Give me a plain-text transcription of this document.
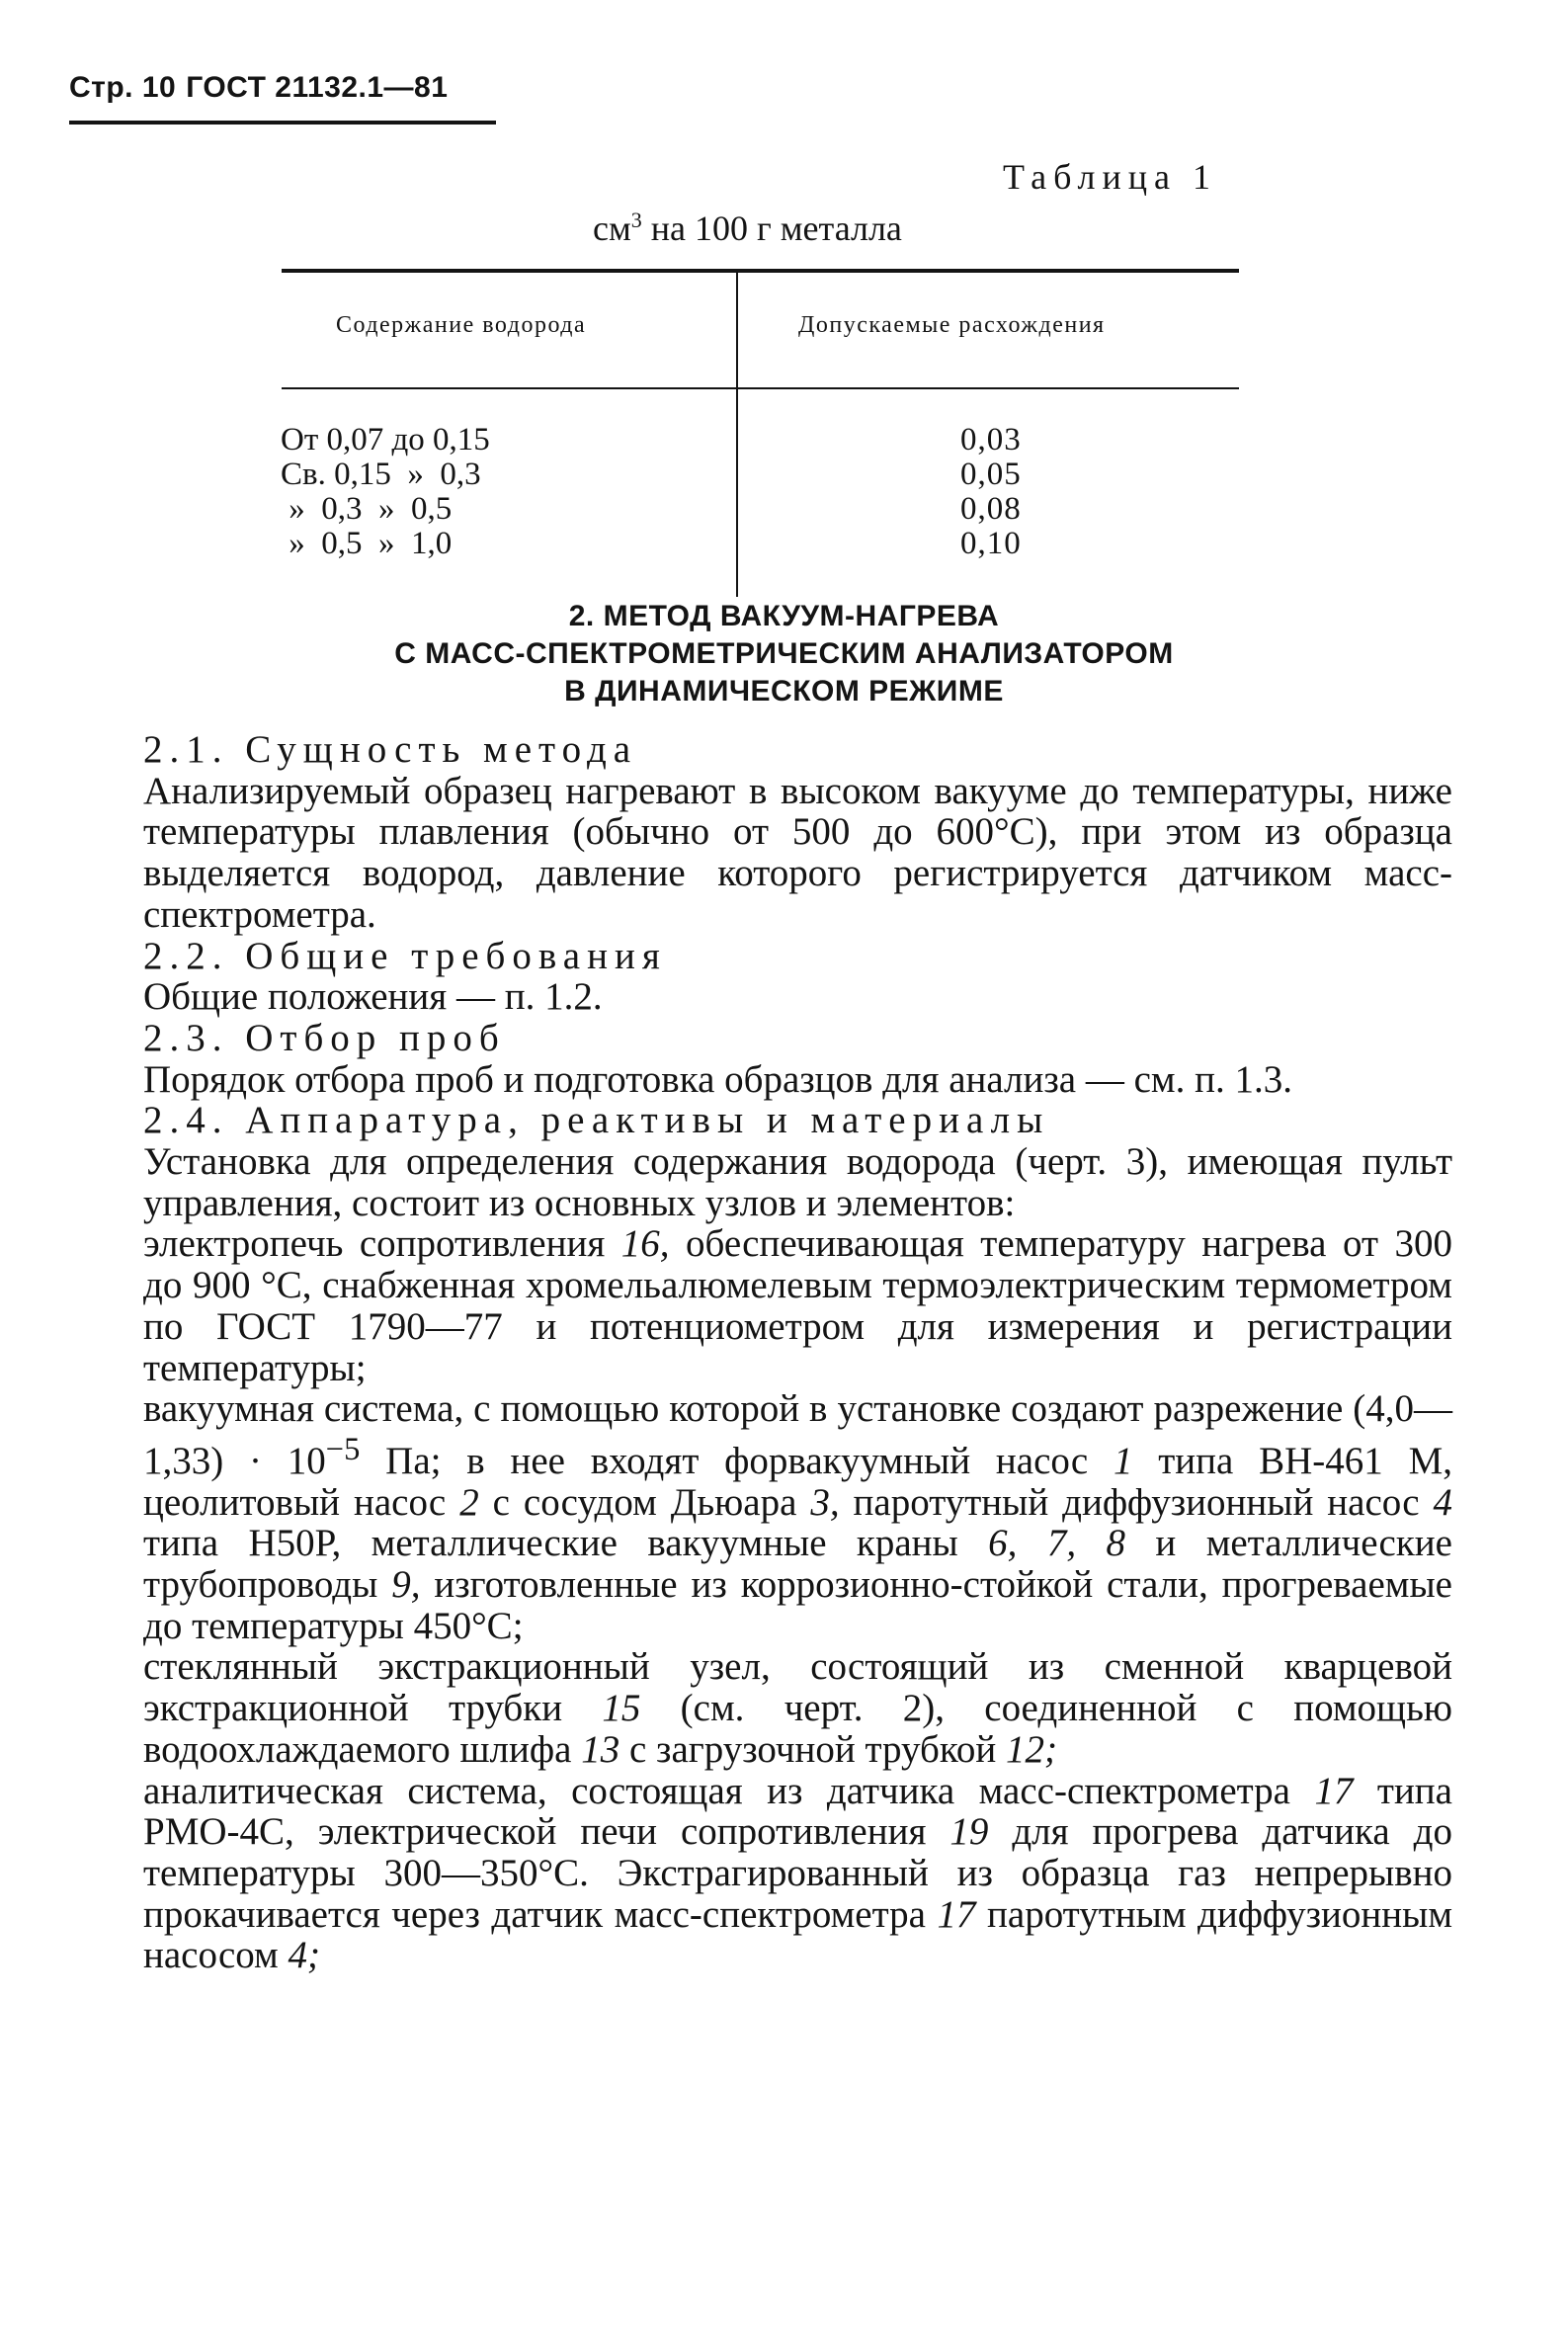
Стр. 10 ГОСТ 21132.1—81
Таблица 1
$см^3$ на 100 г металла
Содержание водорода	Допускаемые расхождения
От 0,07 до 0,15
Св. 0,15  »  0,3
»  0,3  »  0,5
»  0,5  »  1,0
0,03
0,05
0,08
0,10
2. МЕТОД ВАКУУМ-НАГРЕВА
С МАСС-СПЕКТРОМЕТРИЧЕСКИМ АНАЛИЗАТОРОМ
В ДИНАМИЧЕСКОМ РЕЖИМЕ

2.1. Сущность метода

Анализируемый образец нагревают в высоком вакууме до температуры, ниже температуры плавления (обычно от 500 до 600°С), при этом из образца выделяется водород, давление которого регистрируется датчиком масс-спектрометра.

2.2. Общие требования

Общие положения — п. 1.2.

2.3. Отбор проб

Порядок отбора проб и подготовка образцов для анализа — см. п. 1.3.

2.4. Аппаратура, реактивы и материалы

Установка для определения содержания водорода (черт. 3), имеющая пульт управления, состоит из основных узлов и элементов:

электропечь сопротивления 16, обеспечивающая температуру нагрева от 300 до 900 °С, снабженная хромельалюмелевым термоэлектрическим термометром по ГОСТ 1790—77 и потенциометром для измерения и регистрации температуры;

вакуумная система, с помощью которой в установке создают разрежение (4,0—1,33) · $10^{-5}$ Па; в нее входят форвакуумный насос 1 типа ВН-461 М, цеолитовый насос 2 с сосудом Дьюара 3, паротутный диффузионный насос 4 типа Н50Р, металлические вакуумные краны 6, 7, 8 и металлические трубопроводы 9, изготовленные из коррозионно-стойкой стали, прогреваемые до температуры 450°С;

стеклянный экстракционный узел, состоящий из сменной кварцевой экстракционной трубки 15 (см. черт. 2), соединенной с помощью водоохлаждаемого шлифа 13 с загрузочной трубкой 12;

аналитическая система, состоящая из датчика масс-спектрометра 17 типа РМО-4С, электрической печи сопротивления 19 для прогрева датчика до температуры 300—350°С. Экстрагированный из образца газ непрерывно прокачивается через датчик масс-спектрометра 17 паротутным диффузионным насосом 4;
